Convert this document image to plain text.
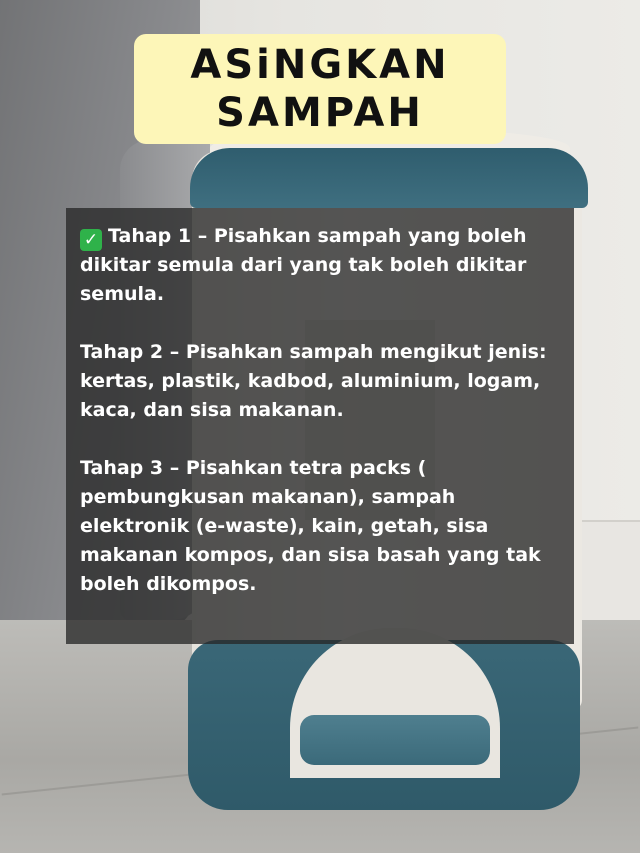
ASiNGKAN
SAMPAH

✓ Tahap 1 – Pisahkan sampah yang boleh dikitar semula dari yang tak boleh dikitar semula.

Tahap 2 – Pisahkan sampah mengikut jenis: kertas, plastik, kadbod, aluminium, logam, kaca, dan sisa makanan.

Tahap 3 – Pisahkan tetra packs ( pembungkusan makanan), sampah elektronik (e-waste), kain, getah, sisa makanan kompos, dan sisa basah yang tak boleh dikompos.
